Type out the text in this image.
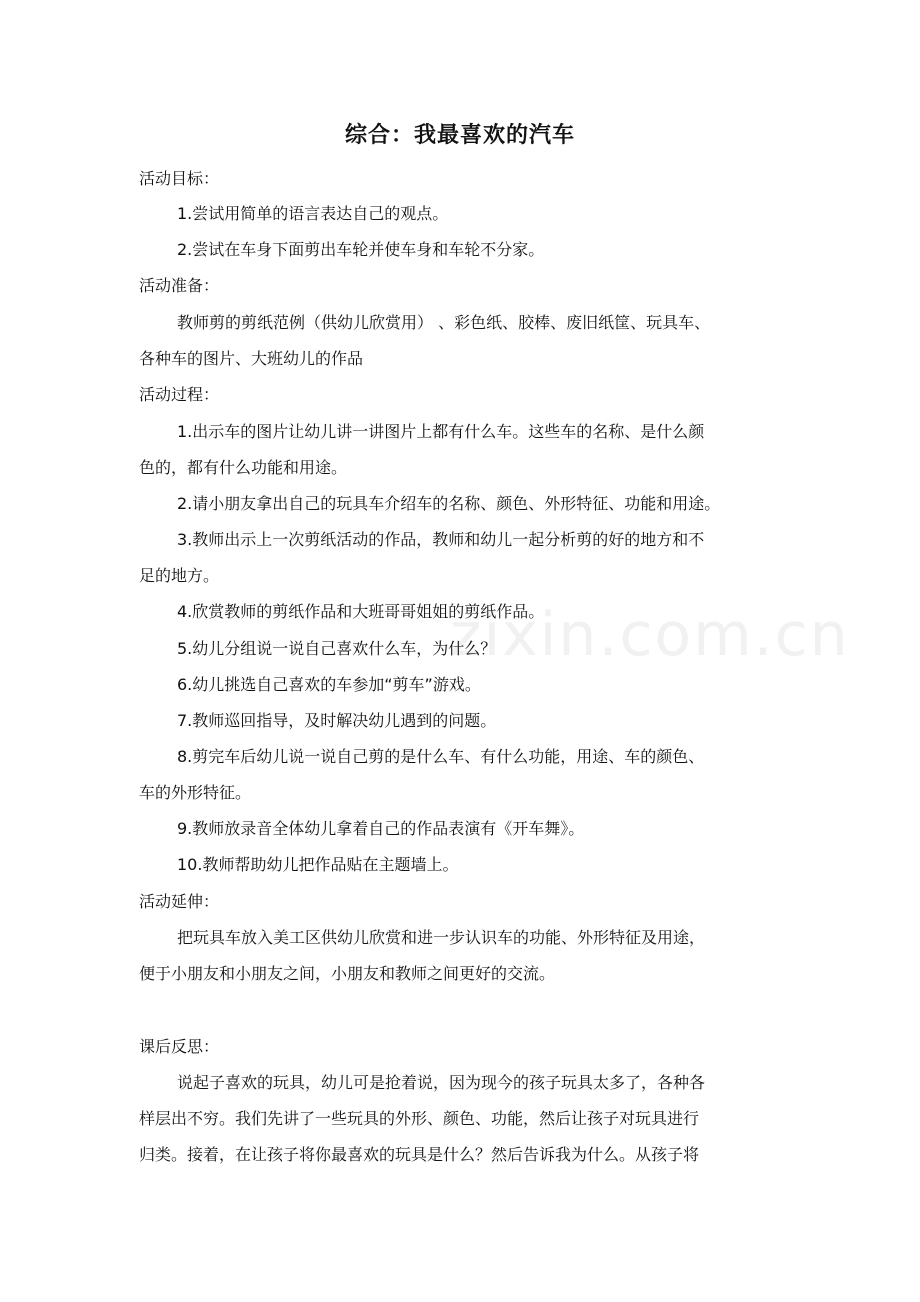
zixin.com.cn
综合：我最喜欢的汽车
活动目标：
1.尝试用简单的语言表达自己的观点。
2.尝试在车身下面剪出车轮并使车身和车轮不分家。
活动准备：
教师剪的剪纸范例（供幼儿欣赏用） 、彩色纸、胶棒、废旧纸筐、玩具车、
各种车的图片、大班幼儿的作品
活动过程：
1.出示车的图片让幼儿讲一讲图片上都有什么车。这些车的名称、是什么颜
色的，都有什么功能和用途。
2.请小朋友拿出自己的玩具车介绍车的名称、颜色、外形特征、功能和用途。
3.教师出示上一次剪纸活动的作品，教师和幼儿一起分析剪的好的地方和不
足的地方。
4.欣赏教师的剪纸作品和大班哥哥姐姐的剪纸作品。
5.幼儿分组说一说自己喜欢什么车，为什么？
6.幼儿挑选自己喜欢的车参加“剪车”游戏。
7.教师巡回指导，及时解决幼儿遇到的问题。
8.剪完车后幼儿说一说自己剪的是什么车、有什么功能，用途、车的颜色、
车的外形特征。
9.教师放录音全体幼儿拿着自己的作品表演有《开车舞》。
10.教师帮助幼儿把作品贴在主题墙上。
活动延伸：
把玩具车放入美工区供幼儿欣赏和进一步认识车的功能、外形特征及用途，
便于小朋友和小朋友之间，小朋友和教师之间更好的交流。
课后反思：
说起子喜欢的玩具，幼儿可是抢着说，因为现今的孩子玩具太多了，各种各
样层出不穷。我们先讲了一些玩具的外形、颜色、功能，然后让孩子对玩具进行
归类。接着，在让孩子将你最喜欢的玩具是什么？然后告诉我为什么。从孩子将
